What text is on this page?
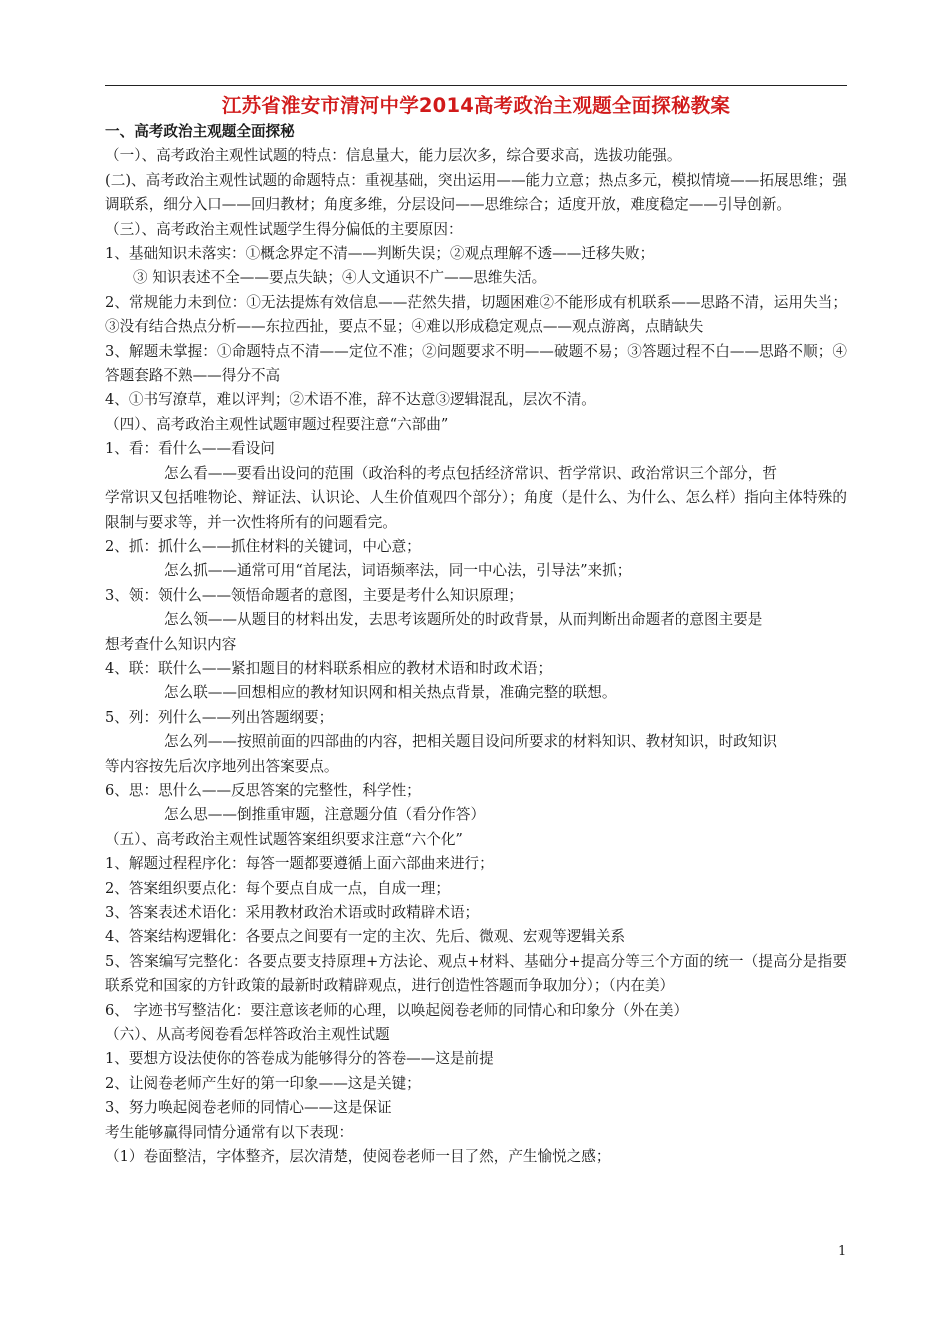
江苏省淮安市清河中学2014高考政治主观题全面探秘教案

一、高考政治主观题全面探秘

（一）、高考政治主观性试题的特点：信息量大，能力层次多，综合要求高，选拔功能强。

(二)、高考政治主观性试题的命题特点：重视基础，突出运用——能力立意；热点多元，模拟情境——拓展思维；强调联系，细分入口——回归教材；角度多维，分层设问——思维综合；适度开放，难度稳定——引导创新。

（三）、高考政治主观性试题学生得分偏低的主要原因：

1、基础知识未落实：①概念界定不清——判断失误；②观点理解不透——迁移失败；

③ 知识表述不全——要点失缺；④人文通识不广——思维失活。

2、常规能力未到位：①无法提炼有效信息——茫然失措，切题困难②不能形成有机联系——思路不清，运用失当；③没有结合热点分析——东拉西扯，要点不显；④难以形成稳定观点——观点游离，点睛缺失

3、解题未掌握：①命题特点不清——定位不准；②问题要求不明——破题不易；③答题过程不白——思路不顺；④答题套路不熟——得分不高

4、①书写潦草，难以评判；②术语不准，辞不达意③逻辑混乱，层次不清。

（四）、高考政治主观性试题审题过程要注意“六部曲”

1、看：看什么——看设问

怎么看——要看出设问的范围（政治科的考点包括经济常识、哲学常识、政治常识三个部分，哲

学常识又包括唯物论、辩证法、认识论、人生价值观四个部分）；角度（是什么、为什么、怎么样）指向主体特殊的限制与要求等，并一次性将所有的问题看完。

2、抓：抓什么——抓住材料的关键词，中心意；

怎么抓——通常可用“首尾法，词语频率法，同一中心法，引导法”来抓；

3、领：领什么——领悟命题者的意图，主要是考什么知识原理；

怎么领——从题目的材料出发，去思考该题所处的时政背景，从而判断出命题者的意图主要是

想考查什么知识内容

4、联：联什么——紧扣题目的材料联系相应的教材术语和时政术语；

怎么联——回想相应的教材知识网和相关热点背景，准确完整的联想。

5、列：列什么——列出答题纲要；

怎么列——按照前面的四部曲的内容，把相关题目设问所要求的材料知识、教材知识，时政知识

等内容按先后次序地列出答案要点。

6、思：思什么——反思答案的完整性，科学性；

怎么思——倒推重审题，注意题分值（看分作答）

（五）、高考政治主观性试题答案组织要求注意“六个化”

1、解题过程程序化：每答一题都要遵循上面六部曲来进行；

2、答案组织要点化：每个要点自成一点，自成一理；

3、答案表述术语化：采用教材政治术语或时政精辟术语；

4、答案结构逻辑化：各要点之间要有一定的主次、先后、微观、宏观等逻辑关系

5、答案编写完整化：各要点要支持原理+方法论、观点+材料、基础分+提高分等三个方面的统一（提高分是指要联系党和国家的方针政策的最新时政精辟观点，进行创造性答题而争取加分）；（内在美）

6、 字迹书写整洁化：要注意该老师的心理，以唤起阅卷老师的同情心和印象分（外在美）

（六）、从高考阅卷看怎样答政治主观性试题

1、要想方设法使你的答卷成为能够得分的答卷——这是前提

2、让阅卷老师产生好的第一印象——这是关键；

3、努力唤起阅卷老师的同情心——这是保证

考生能够赢得同情分通常有以下表现：

（1）卷面整洁，字体整齐，层次清楚，使阅卷老师一目了然，产生愉悦之感；

1
